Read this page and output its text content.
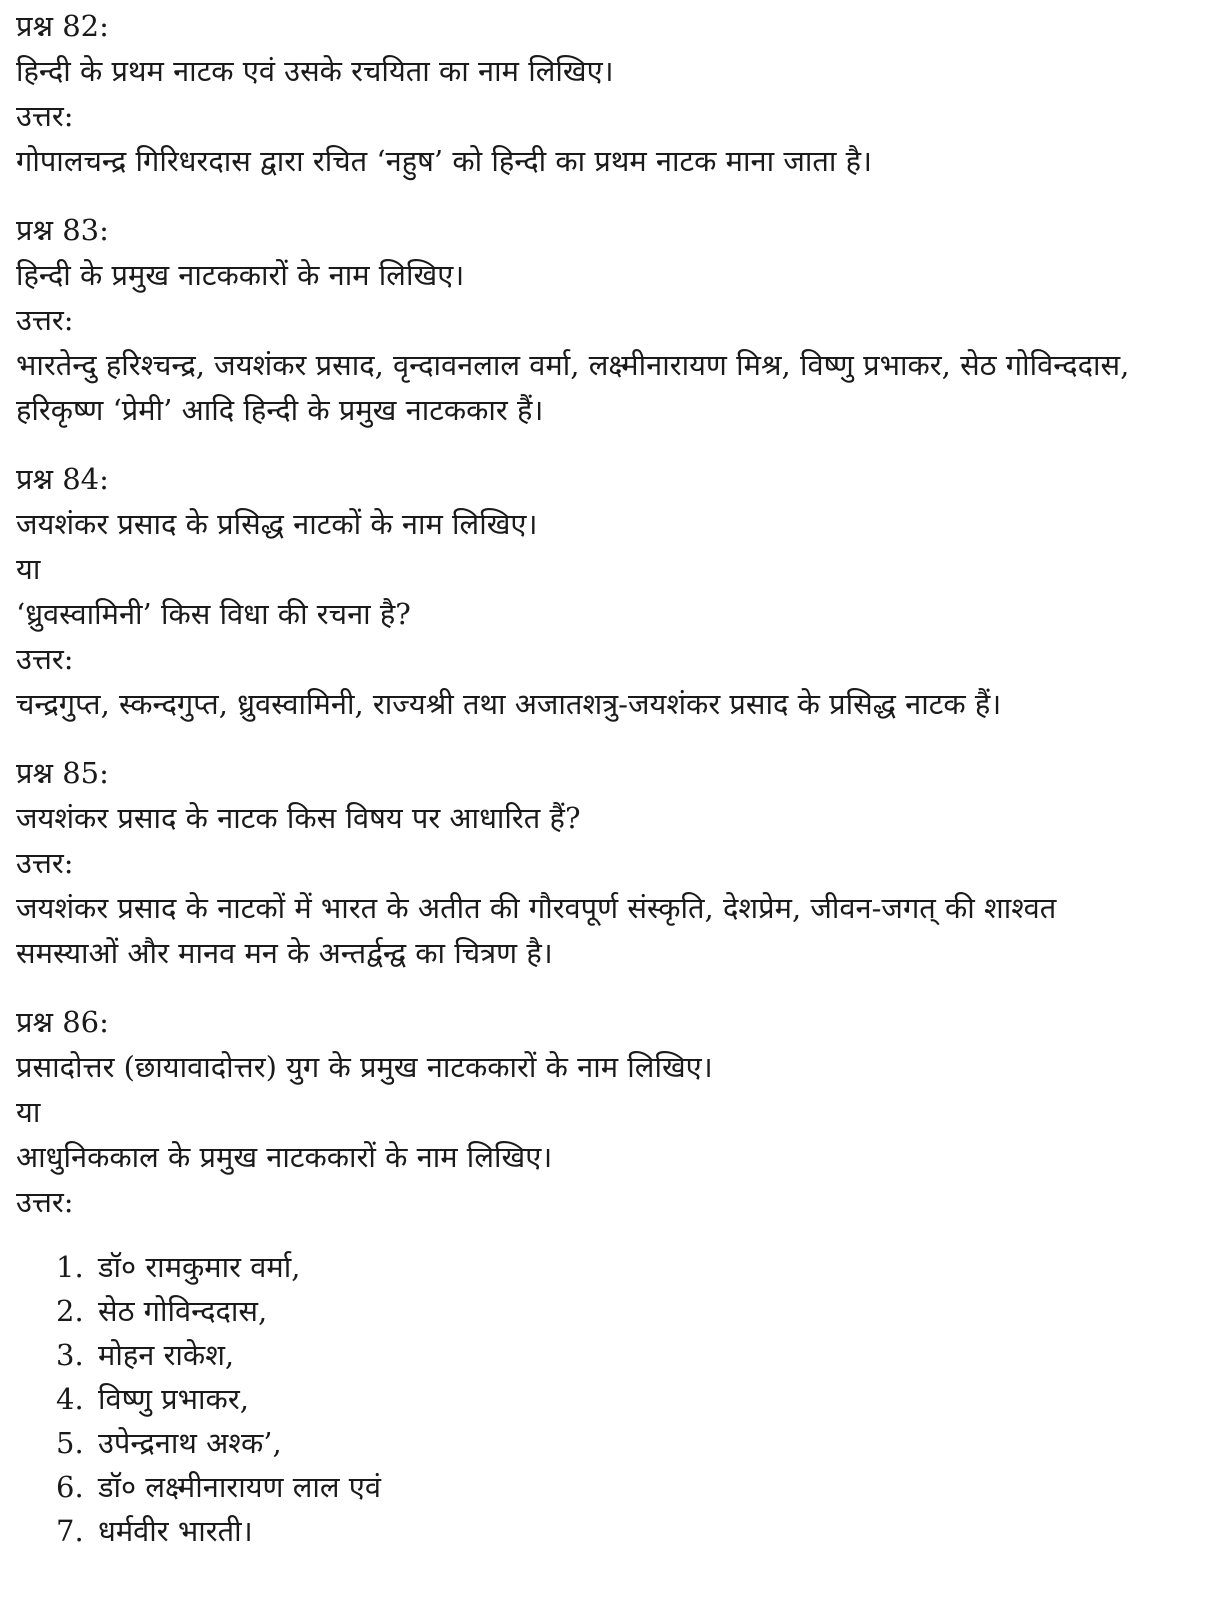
प्रश्न 82:
हिन्दी के प्रथम नाटक एवं उसके रचयिता का नाम लिखिए।
उत्तर:
गोपालचन्द्र गिरिधरदास द्वारा रचित ‘नहुष’ को हिन्दी का प्रथम नाटक माना जाता है।
प्रश्न 83:
हिन्दी के प्रमुख नाटककारों के नाम लिखिए।
उत्तर:
भारतेन्दु हरिश्चन्द्र, जयशंकर प्रसाद, वृन्दावनलाल वर्मा, लक्ष्मीनारायण मिश्र, विष्णु प्रभाकर, सेठ गोविन्ददास,
हरिकृष्ण ‘प्रेमी’ आदि हिन्दी के प्रमुख नाटककार हैं।
प्रश्न 84:
जयशंकर प्रसाद के प्रसिद्ध नाटकों के नाम लिखिए।
या
‘ध्रुवस्वामिनी’ किस विधा की रचना है?
उत्तर:
चन्द्रगुप्त, स्कन्दगुप्त, ध्रुवस्वामिनी, राज्यश्री तथा अजातशत्रु-जयशंकर प्रसाद के प्रसिद्ध नाटक हैं।
प्रश्न 85:
जयशंकर प्रसाद के नाटक किस विषय पर आधारित हैं?
उत्तर:
जयशंकर प्रसाद के नाटकों में भारत के अतीत की गौरवपूर्ण संस्कृति, देशप्रेम, जीवन-जगत् की शाश्वत
समस्याओं और मानव मन के अन्तर्द्वन्द्व का चित्रण है।
प्रश्न 86:
प्रसादोत्तर (छायावादोत्तर) युग के प्रमुख नाटककारों के नाम लिखिए।
या
आधुनिककाल के प्रमुख नाटककारों के नाम लिखिए।
उत्तर:
1. डॉ० रामकुमार वर्मा,
2. सेठ गोविन्ददास,
3. मोहन राकेश,
4. विष्णु प्रभाकर,
5. उपेन्द्रनाथ अश्क’,
6. डॉ० लक्ष्मीनारायण लाल एवं
7. धर्मवीर भारती।
